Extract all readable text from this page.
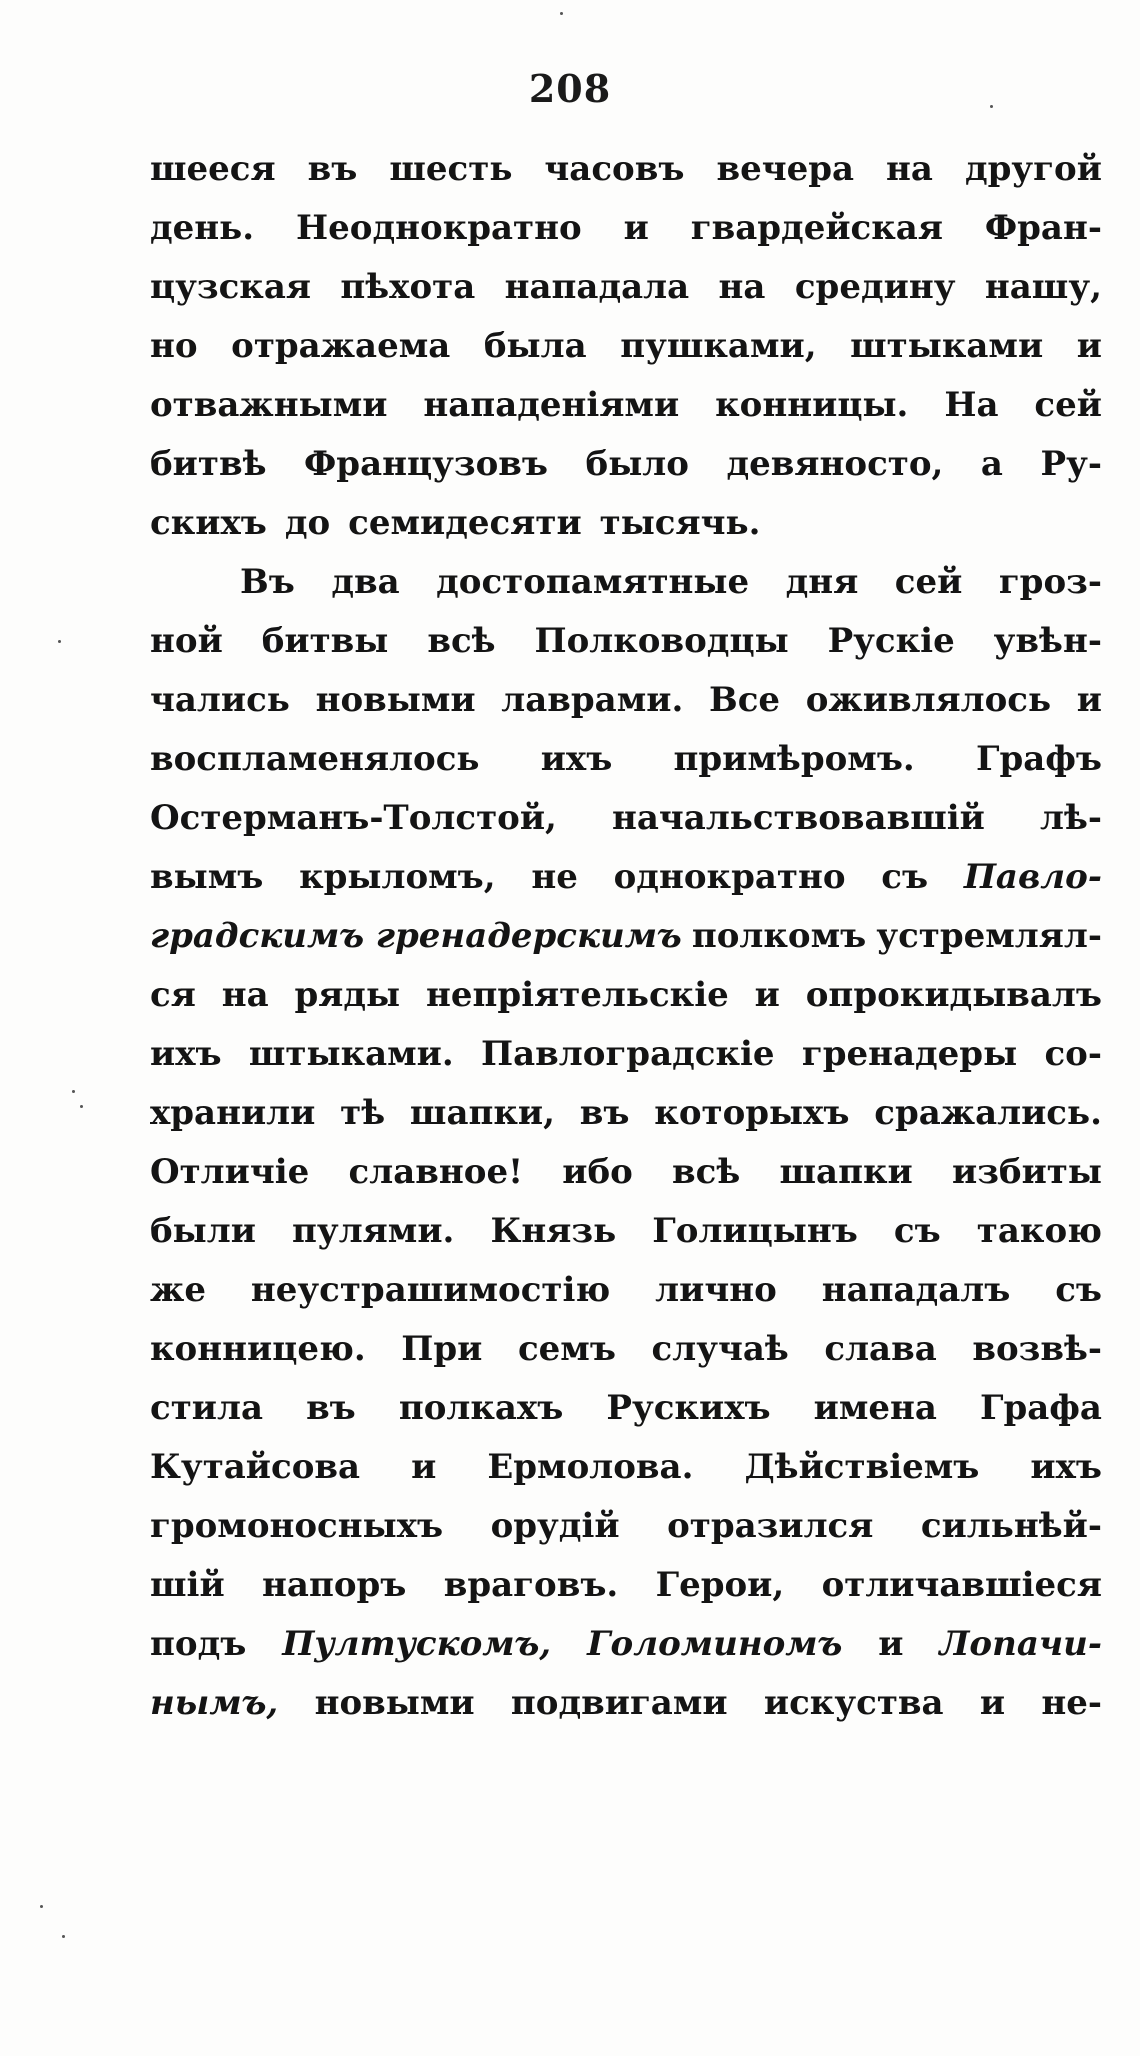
208
шееся въ шесть часовъ вечера на другой
день. Неоднократно и гвардейская Фран-
цузская пѣхота нападала на средину нашу,
но отражаема была пушками, штыками и
отважными нападеніями конницы. На сей
битвѣ Французовъ было девяносто, а Ру-
скихъ до семидесяти тысячь.
Въ два достопамятные дня сей гроз-
ной битвы всѣ Полководцы Рускіе увѣн-
чались новыми лаврами. Все оживлялось и
воспламенялось ихъ примѣромъ. Графъ
Остерманъ-Толстой, начальствовавшій лѣ-
вымъ крыломъ, не однократно съ Павло-
градскимъ гренадерскимъ полкомъ устремлял-
ся на ряды непріятельскіе и опрокидывалъ
ихъ штыками. Павлоградскіе гренадеры со-
хранили тѣ шапки, въ которыхъ сражались.
Отличіе славное! ибо всѣ шапки избиты
были пулями. Князь Голицынъ съ такою
же неустрашимостію лично нападалъ съ
конницею. При семъ случаѣ слава возвѣ-
стила въ полкахъ Рускихъ имена Графа
Кутайсова и Ермолова. Дѣйствіемъ ихъ
громоносныхъ орудій отразился сильнѣй-
шій напоръ враговъ. Герои, отличавшіеся
подъ Пултускомъ, Голоминомъ и Лопачи-
нымъ, новыми подвигами искуства и не-
